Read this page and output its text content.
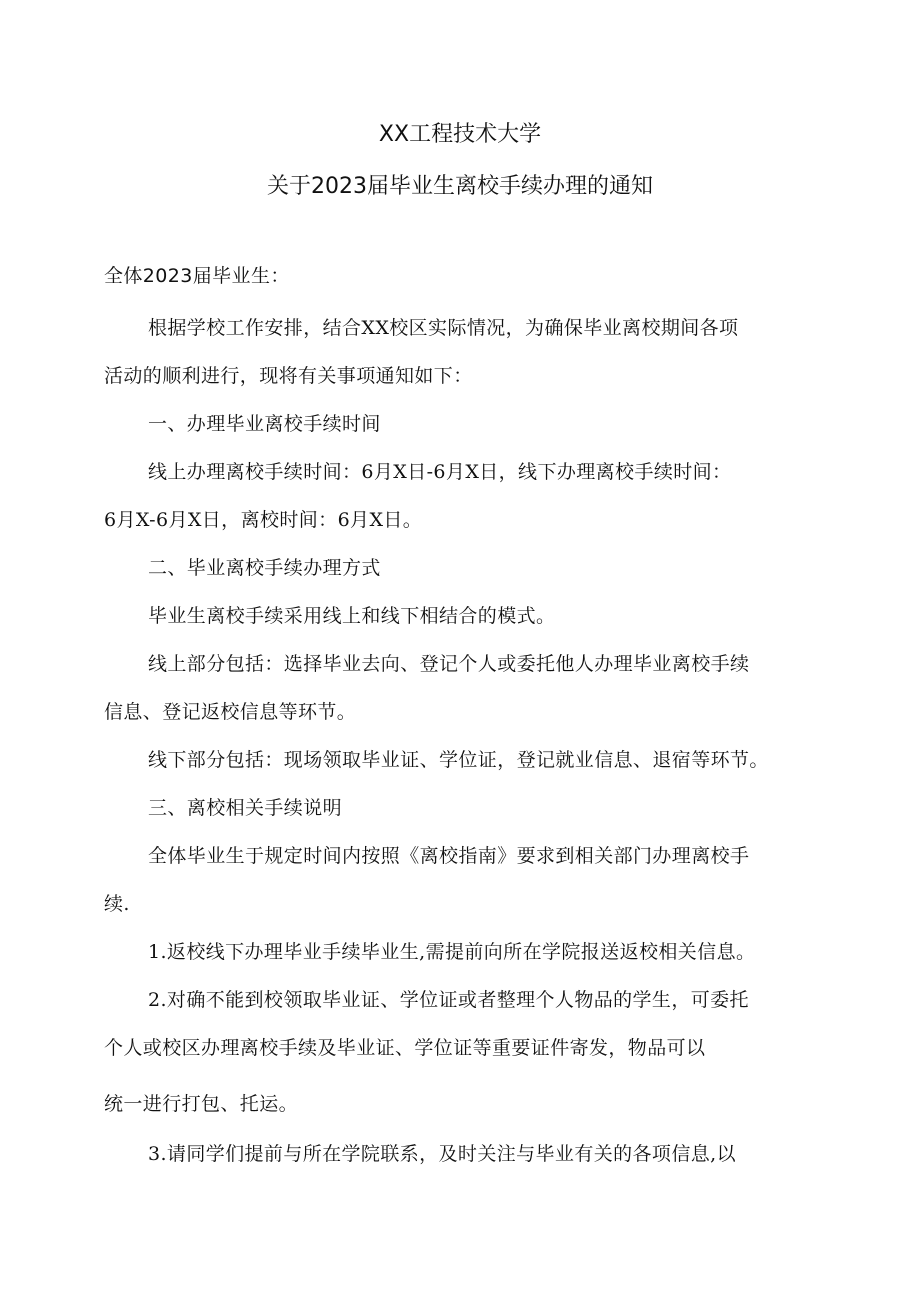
XX工程技术大学
关于2023届毕业生离校手续办理的通知
全体2023届毕业生：
根据学校工作安排，结合XX校区实际情况，为确保毕业离校期间各项
活动的顺利进行，现将有关事项通知如下：
一、办理毕业离校手续时间
线上办理离校手续时间：6月X日-6月X日，线下办理离校手续时间：
6月X-6月X日，离校时间：6月X日。
二、毕业离校手续办理方式
毕业生离校手续采用线上和线下相结合的模式。
线上部分包括：选择毕业去向、登记个人或委托他人办理毕业离校手续
信息、登记返校信息等环节。
线下部分包括：现场领取毕业证、学位证，登记就业信息、退宿等环节。
三、离校相关手续说明
全体毕业生于规定时间内按照《离校指南》要求到相关部门办理离校手
续.
1.返校线下办理毕业手续毕业生,需提前向所在学院报送返校相关信息。
2.对确不能到校领取毕业证、学位证或者整理个人物品的学生，可委托
个人或校区办理离校手续及毕业证、学位证等重要证件寄发，物品可以
统一进行打包、托运。
3.请同学们提前与所在学院联系，及时关注与毕业有关的各项信息,以
